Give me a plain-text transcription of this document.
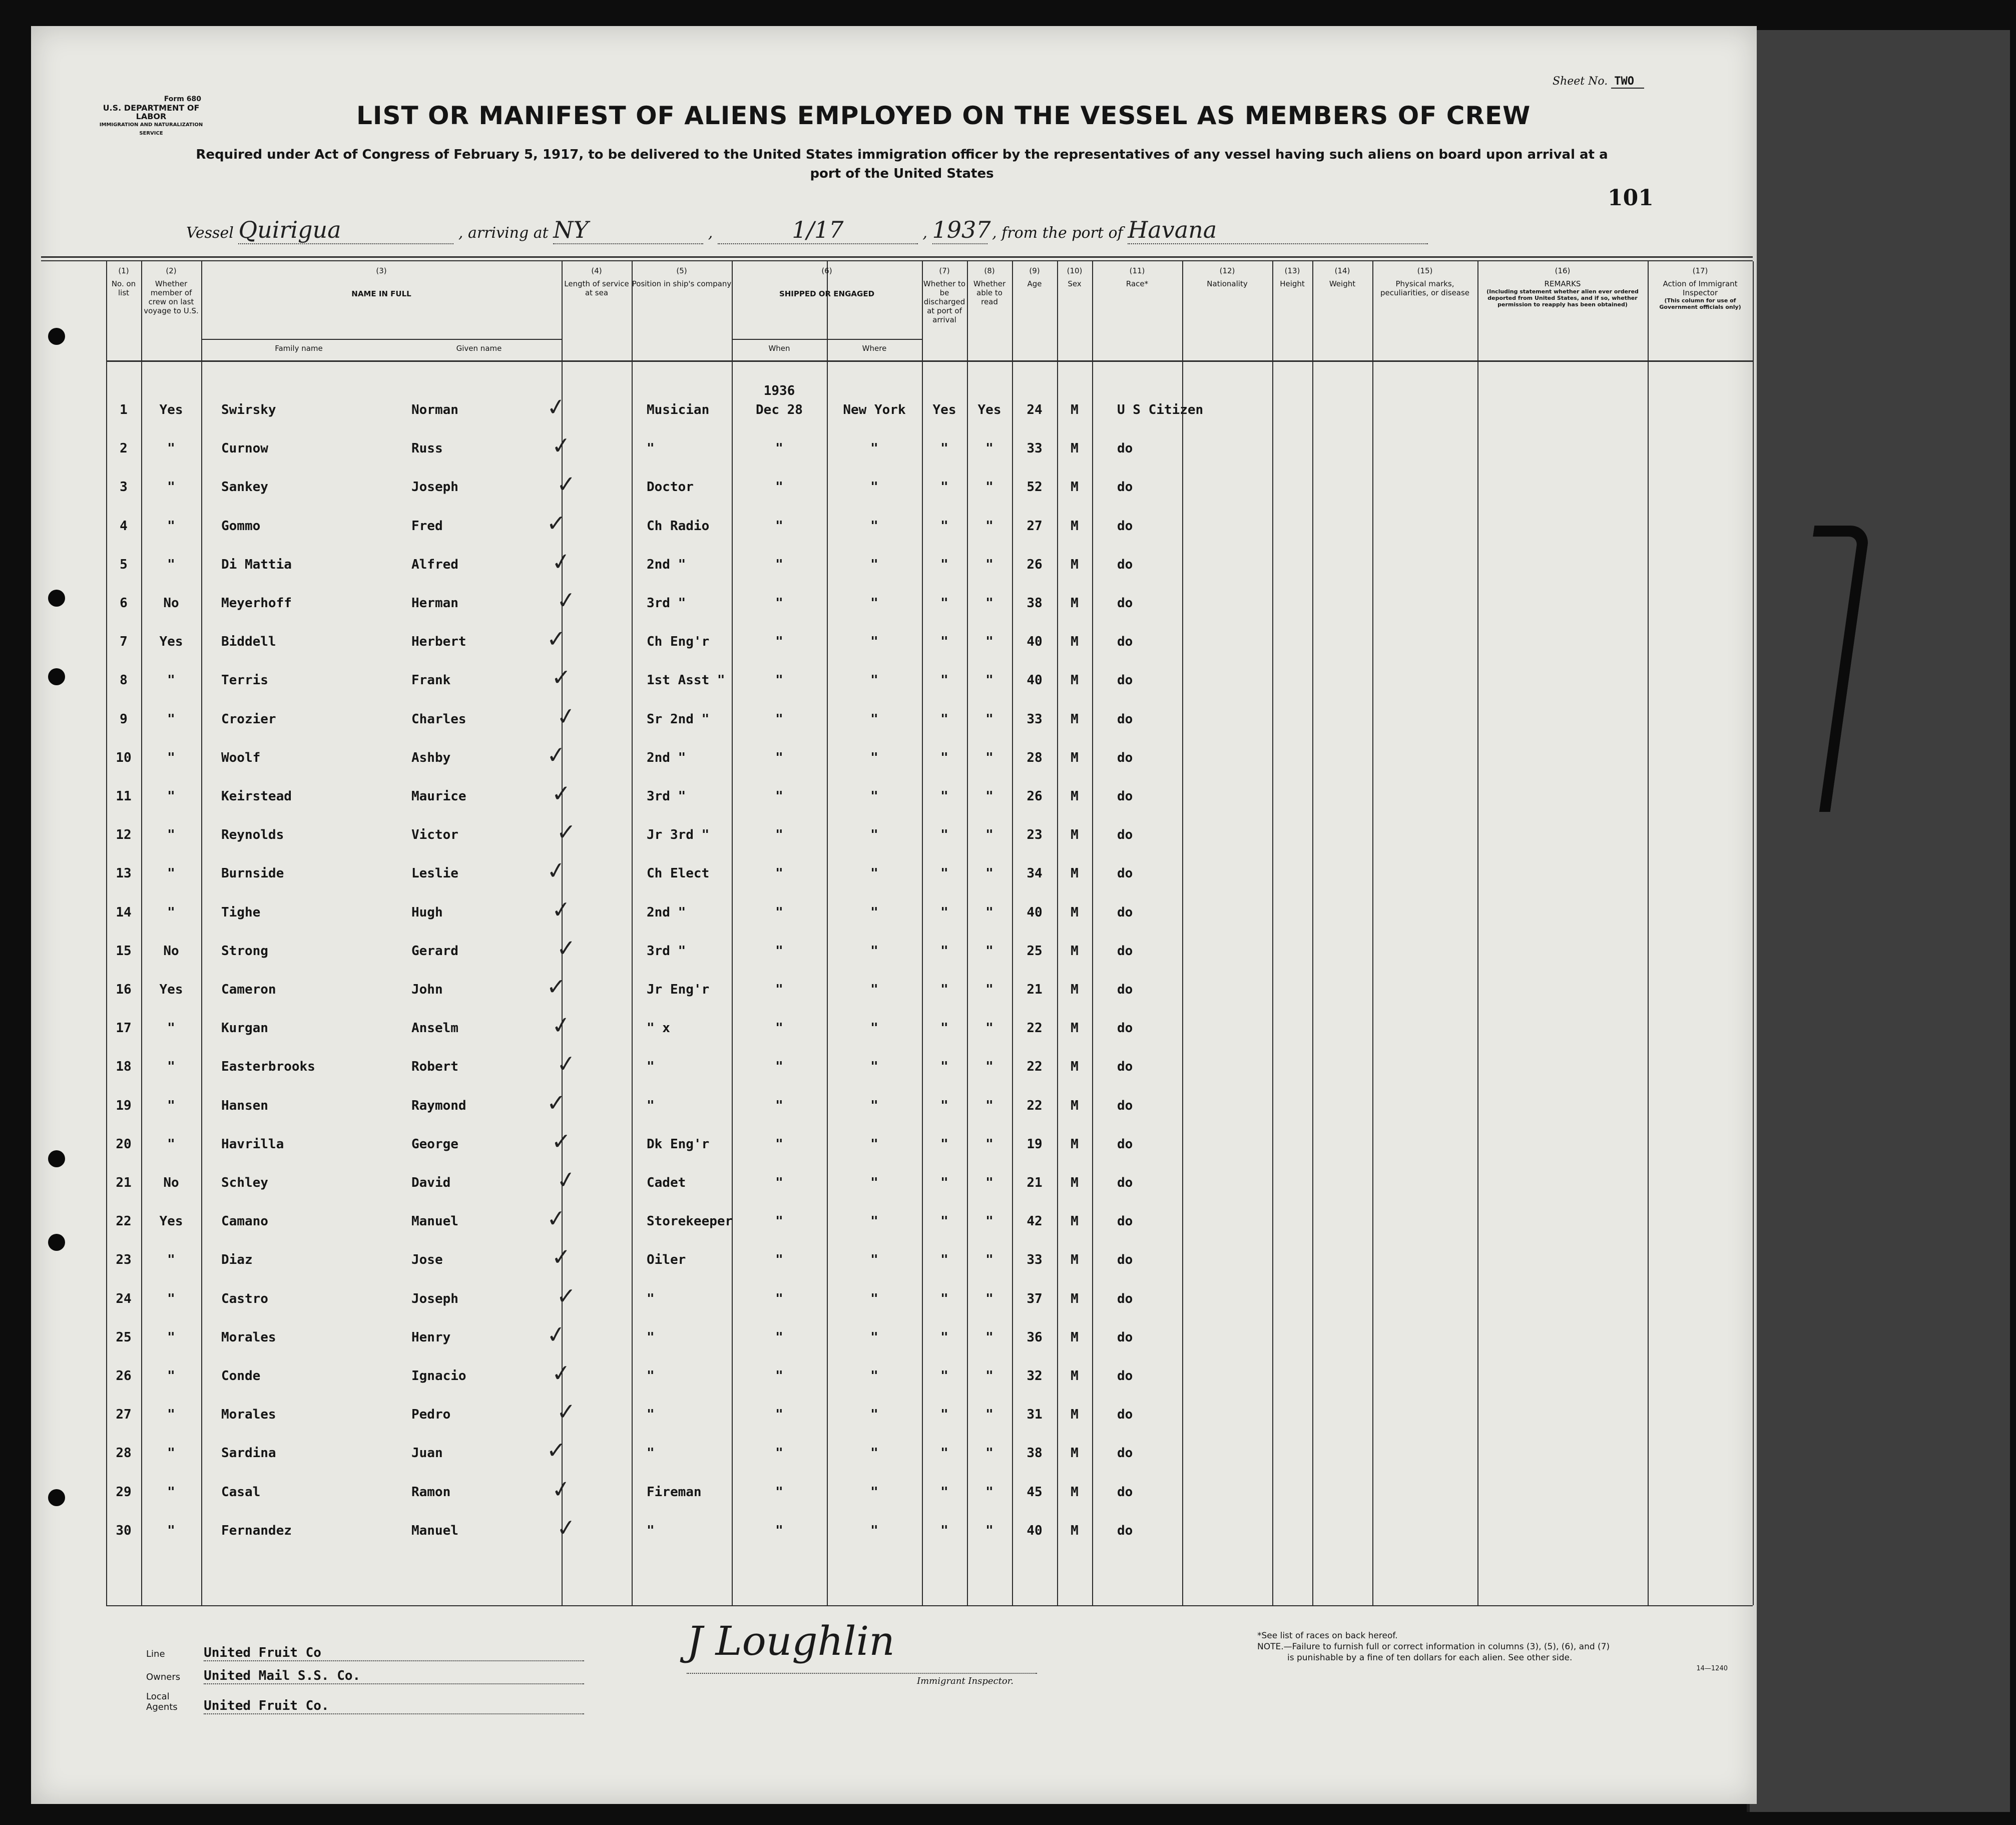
Form 680
U.S. DEPARTMENT OF LABOR
IMMIGRATION AND NATURALIZATION SERVICE
Sheet No. TWO
LIST OR MANIFEST OF ALIENS EMPLOYED ON THE VESSEL AS MEMBERS OF CREW
Required under Act of Congress of February 5, 1917, to be delivered to the United States immigration officer by the representatives of any vessel having such aliens on board upon arrival at a
port of the United States
101
Vessel Quirigua	, arriving at NY	,	1/17	, 1937 , from the port of Havana
(1)
No. on list
(2)
Whether member of crew on last voyage to U.S.
(3)
NAME IN FULL
(4)
Length of service at sea
(5)
Position in ship's company
(6)
SHIPPED OR ENGAGED
(7)
Whether to be discharged at port of arrival
(8)
Whether able to read
(9)
Age
(10)
Sex
(11)
Race*
(12)
Nationality
(13)
Height
(14)
Weight
(15)
Physical marks, peculiarities, or disease
(16)
REMARKS
(Including statement whether alien ever ordered deported from United States, and if so, whether permission to reapply has been obtained)
(17)
Action of Immigrant Inspector
(This column for use of Government officials only)
Family name	Given name	When	Where
1	Yes	Swirsky	Norman	Musician	Dec 28	New York	Yes	Yes	24	M	U S Citizen
1936
✓
2	"	Curnow	Russ	"	"	"	"	"	33	M	do
✓
3	"	Sankey	Joseph	Doctor	"	"	"	"	52	M	do
✓
4	"	Gommo	Fred	Ch Radio	"	"	"	"	27	M	do
✓
5	"	Di Mattia	Alfred	2nd "	"	"	"	"	26	M	do
✓
6	No	Meyerhoff	Herman	3rd "	"	"	"	"	38	M	do
✓
7	Yes	Biddell	Herbert	Ch Eng'r	"	"	"	"	40	M	do
✓
8	"	Terris	Frank	1st Asst "	"	"	"	"	40	M	do
✓
9	"	Crozier	Charles	Sr 2nd "	"	"	"	"	33	M	do
✓
10	"	Woolf	Ashby	2nd "	"	"	"	"	28	M	do
✓
11	"	Keirstead	Maurice	3rd "	"	"	"	"	26	M	do
✓
12	"	Reynolds	Victor	Jr 3rd "	"	"	"	"	23	M	do
✓
13	"	Burnside	Leslie	Ch Elect	"	"	"	"	34	M	do
✓
14	"	Tighe	Hugh	2nd "	"	"	"	"	40	M	do
✓
15	No	Strong	Gerard	3rd "	"	"	"	"	25	M	do
✓
16	Yes	Cameron	John	Jr Eng'r	"	"	"	"	21	M	do
✓
17	"	Kurgan	Anselm	" x	"	"	"	"	22	M	do
✓
18	"	Easterbrooks	Robert	"	"	"	"	"	22	M	do
✓
19	"	Hansen	Raymond	"	"	"	"	"	22	M	do
✓
20	"	Havrilla	George	Dk Eng'r	"	"	"	"	19	M	do
✓
21	No	Schley	David	Cadet	"	"	"	"	21	M	do
✓
22	Yes	Camano	Manuel	Storekeeper	"	"	"	"	42	M	do
✓
23	"	Diaz	Jose	Oiler	"	"	"	"	33	M	do
✓
24	"	Castro	Joseph	"	"	"	"	"	37	M	do
✓
25	"	Morales	Henry	"	"	"	"	"	36	M	do
✓
26	"	Conde	Ignacio	"	"	"	"	"	32	M	do
✓
27	"	Morales	Pedro	"	"	"	"	"	31	M	do
✓
28	"	Sardina	Juan	"	"	"	"	"	38	M	do
✓
29	"	Casal	Ramon	Fireman	"	"	"	"	45	M	do
✓
30	"	Fernandez	Manuel	"	"	"	"	"	40	M	do
✓
Line	United Fruit Co
Owners United Mail S.S. Co.
Local Agents United Fruit Co.
J Loughlin
Immigrant Inspector.
*See list of races on back hereof.
NOTE.—Failure to furnish full or correct information in columns (3), (5), (6), and (7)
is punishable by a fine of ten dollars for each alien. See other side.
14—1240
